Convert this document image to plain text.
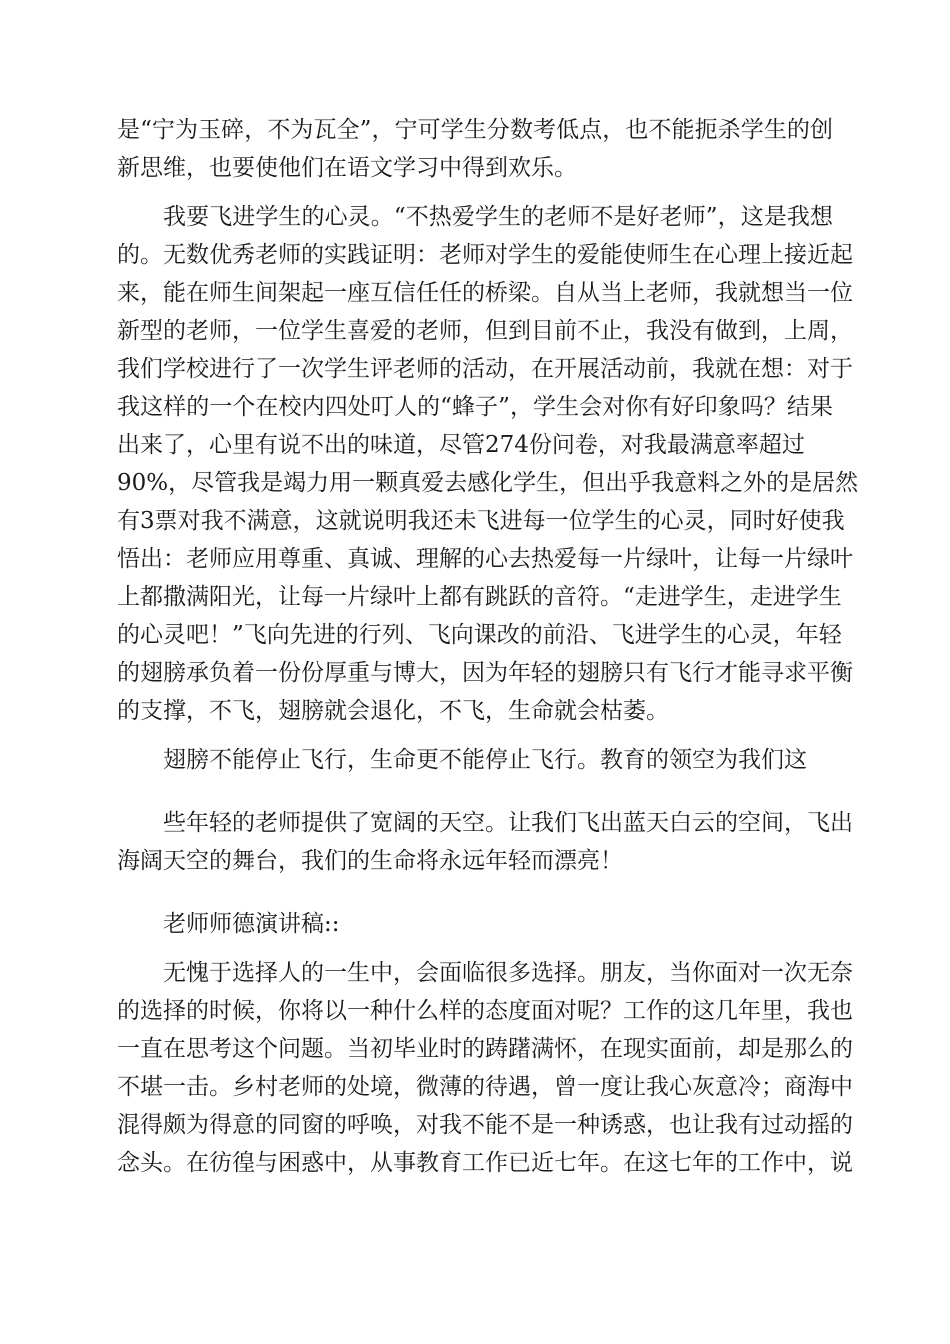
是“宁为玉碎，不为瓦全”，宁可学生分数考低点，也不能扼杀学生的创

新思维，也要使他们在语文学习中得到欢乐。

我要飞进学生的心灵。“不热爱学生的老师不是好老师”，这是我想

的。无数优秀老师的实践证明：老师对学生的爱能使师生在心理上接近起

来，能在师生间架起一座互信任任的桥梁。自从当上老师，我就想当一位

新型的老师，一位学生喜爱的老师，但到目前不止，我没有做到，上周，

我们学校进行了一次学生评老师的活动，在开展活动前，我就在想：对于

我这样的一个在校内四处叮人的“蜂子”，学生会对你有好印象吗？结果

出来了，心里有说不出的味道，尽管274份问卷，对我最满意率超过

90%，尽管我是竭力用一颗真爱去感化学生，但出乎我意料之外的是居然

有3票对我不满意，这就说明我还未飞进每一位学生的心灵，同时好使我

悟出：老师应用尊重、真诚、理解的心去热爱每一片绿叶，让每一片绿叶

上都撒满阳光，让每一片绿叶上都有跳跃的音符。“走进学生，走进学生

的心灵吧！”飞向先进的行列、飞向课改的前沿、飞进学生的心灵，年轻

的翅膀承负着一份份厚重与博大，因为年轻的翅膀只有飞行才能寻求平衡

的支撑，不飞，翅膀就会退化，不飞，生命就会枯萎。

翅膀不能停止飞行，生命更不能停止飞行。教育的领空为我们这

些年轻的老师提供了宽阔的天空。让我们飞出蓝天白云的空间，飞出

海阔天空的舞台，我们的生命将永远年轻而漂亮！

老师师德演讲稿::

无愧于选择人的一生中，会面临很多选择。朋友，当你面对一次无奈

的选择的时候，你将以一种什么样的态度面对呢？工作的这几年里，我也

一直在思考这个问题。当初毕业时的踌躇满怀，在现实面前，却是那么的

不堪一击。乡村老师的处境，微薄的待遇，曾一度让我心灰意冷；商海中

混得颇为得意的同窗的呼唤，对我不能不是一种诱惑，也让我有过动摇的

念头。在彷徨与困惑中，从事教育工作已近七年。在这七年的工作中，说
